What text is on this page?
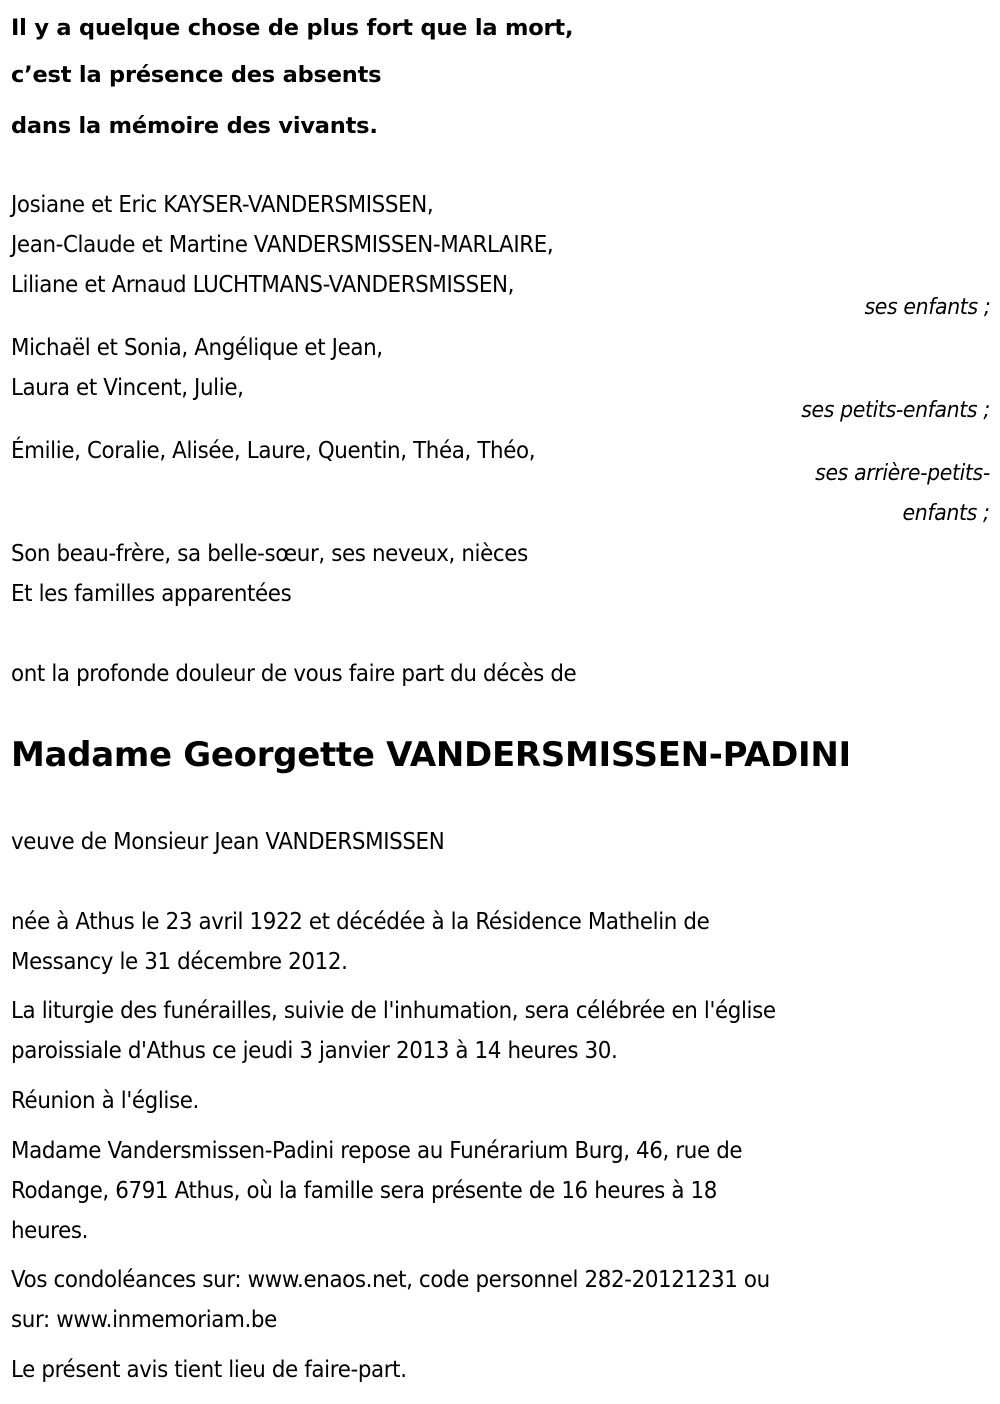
Il y a quelque chose de plus fort que la mort,
c’est la présence des absents
dans la mémoire des vivants.
Josiane et Eric KAYSER-VANDERSMISSEN,
Jean-Claude et Martine VANDERSMISSEN-MARLAIRE,
Liliane et Arnaud LUCHTMANS-VANDERSMISSEN,
ses enfants ;
Michaël et Sonia, Angélique et Jean,
Laura et Vincent, Julie,
ses petits-enfants ;
Émilie, Coralie, Alisée, Laure, Quentin, Théa, Théo,
ses arrière-petits-
enfants ;
Son beau-frère, sa belle-sœur, ses neveux, nièces
Et les familles apparentées
ont la profonde douleur de vous faire part du décès de
Madame Georgette VANDERSMISSEN-PADINI
veuve de Monsieur Jean VANDERSMISSEN
née à Athus le 23 avril 1922 et décédée à la Résidence Mathelin de
Messancy le 31 décembre 2012.
La liturgie des funérailles, suivie de l'inhumation, sera célébrée en l'église
paroissiale d'Athus ce jeudi 3 janvier 2013 à 14 heures 30.
Réunion à l'église.
Madame Vandersmissen-Padini repose au Funérarium Burg, 46, rue de
Rodange, 6791 Athus, où la famille sera présente de 16 heures à 18
heures.
Vos condoléances sur: www.enaos.net, code personnel 282-20121231 ou
sur: www.inmemoriam.be
Le présent avis tient lieu de faire-part.
